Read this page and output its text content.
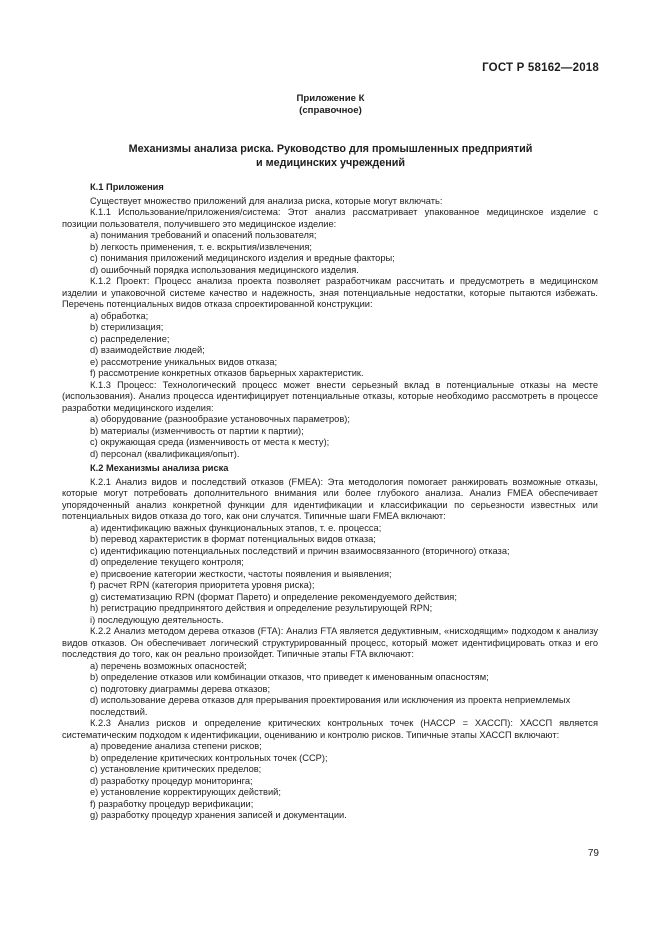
ГОСТ Р 58162—2018
Приложение К
(справочное)
Механизмы анализа риска. Руководство для промышленных предприятий
и медицинских учреждений
К.1 Приложения
Существует множество приложений для анализа риска, которые могут включать:
К.1.1 Использование/приложения/система: Этот анализ рассматривает упакованное медицинское изделие с позиции пользователя, получившего это медицинское изделие:
a) понимания требований и опасений пользователя;
b) легкость применения, т. е. вскрытия/извлечения;
c) понимания приложений медицинского изделия и вредные факторы;
d) ошибочный порядка использования медицинского изделия.
К.1.2 Проект: Процесс анализа проекта позволяет разработчикам рассчитать и предусмотреть в медицинском изделии и упаковочной системе качество и надежность, зная потенциальные недостатки, которые пытаются избежать. Перечень потенциальных видов отказа спроектированной конструкции:
a) обработка;
b) стерилизация;
c) распределение;
d) взаимодействие людей;
e) рассмотрение уникальных видов отказа;
f) рассмотрение конкретных отказов барьерных характеристик.
К.1.3 Процесс: Технологический процесс может внести серьезный вклад в потенциальные отказы на месте (использования). Анализ процесса идентифицирует потенциальные отказы, которые необходимо рассмотреть в процессе разработки медицинского изделия:
a) оборудование (разнообразие установочных параметров);
b) материалы (изменчивость от партии к партии);
c) окружающая среда (изменчивость от места к месту);
d) персонал (квалификация/опыт).
К.2 Механизмы анализа риска
К.2.1 Анализ видов и последствий отказов (FMEA): Эта методология помогает ранжировать возможные отказы, которые могут потребовать дополнительного внимания или более глубокого анализа. Анализ FMEA обеспечивает упорядоченный анализ конкретной функции для идентификации и классификации по серьезности известных или потенциальных видов отказа до того, как они случатся. Типичные шаги FMEA включают:
a) идентификацию важных функциональных этапов, т. е. процесса;
b) перевод характеристик в формат потенциальных видов отказа;
c) идентификацию потенциальных последствий и причин взаимосвязанного (вторичного) отказа;
d) определение текущего контроля;
e) присвоение категории жесткости, частоты появления и выявления;
f) расчет RPN (категория приоритета уровня риска);
g) систематизацию RPN (формат Парето) и определение рекомендуемого действия;
h) регистрацию предпринятого действия и определение результирующей RPN;
i) последующую деятельность.
К.2.2 Анализ методом дерева отказов (FTA): Анализ FTA является дедуктивным, «нисходящим» подходом к анализу видов отказов. Он обеспечивает логический структурированный процесс, который может идентифицировать отказ и его последствия до того, как он реально произойдет. Типичные этапы FTA включают:
a) перечень возможных опасностей;
b) определение отказов или комбинации отказов, что приведет к именованным опасностям;
c) подготовку диаграммы дерева отказов;
d) использование дерева отказов для прерывания проектирования или исключения из проекта неприемлемых последствий.
К.2.3 Анализ рисков и определение критических контрольных точек (НАССР = ХАССП): ХАССП является систематическим подходом к идентификации, оцениванию и контролю рисков. Типичные этапы ХАССП включают:
a) проведение анализа степени рисков;
b) определение критических контрольных точек (ССР);
c) установление критических пределов;
d) разработку процедур мониторинга;
e) установление корректирующих действий;
f) разработку процедур верификации;
g) разработку процедур хранения записей и документации.
79
